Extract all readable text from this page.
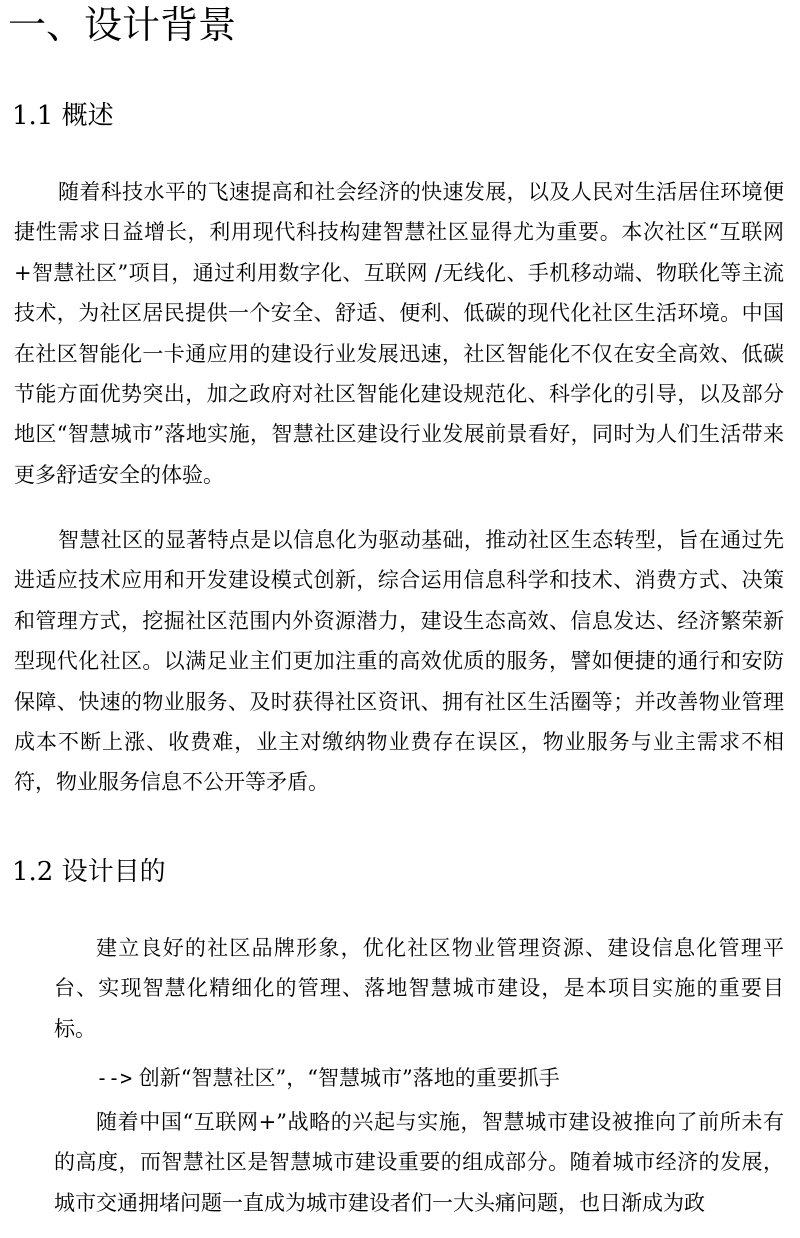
一、设计背景
1.1 概述

随着科技水平的飞速提高和社会经济的快速发展，以及人民对生活居住环境便捷性需求日益增长，利用现代科技构建智慧社区显得尤为重要。本次社区“互联网+智慧社区”项目，通过利用数字化、互联网 /无线化、手机移动端、物联化等主流技术，为社区居民提供一个安全、舒适、便利、低碳的现代化社区生活环境。中国在社区智能化一卡通应用的建设行业发展迅速，社区智能化不仅在安全高效、低碳节能方面优势突出，加之政府对社区智能化建设规范化、科学化的引导，以及部分地区“智慧城市”落地实施，智慧社区建设行业发展前景看好，同时为人们生活带来更多舒适安全的体验。

智慧社区的显著特点是以信息化为驱动基础，推动社区生态转型，旨在通过先进适应技术应用和开发建设模式创新，综合运用信息科学和技术、消费方式、决策和管理方式，挖掘社区范围内外资源潜力，建设生态高效、信息发达、经济繁荣新型现代化社区。以满足业主们更加注重的高效优质的服务，譬如便捷的通行和安防保障、快速的物业服务、及时获得社区资讯、拥有社区生活圈等；并改善物业管理成本不断上涨、收费难，业主对缴纳物业费存在误区，物业服务与业主需求不相符，物业服务信息不公开等矛盾。

1.2 设计目的

建立良好的社区品牌形象，优化社区物业管理资源、建设信息化管理平台、实现智慧化精细化的管理、落地智慧城市建设，是本项目实施的重要目标。

--> 创新“智慧社区”，“智慧城市”落地的重要抓手

随着中国“互联网+”战略的兴起与实施，智慧城市建设被推向了前所未有的高度，而智慧社区是智慧城市建设重要的组成部分。随着城市经济的发展，城市交通拥堵问题一直成为城市建设者们一大头痛问题，也日渐成为政
